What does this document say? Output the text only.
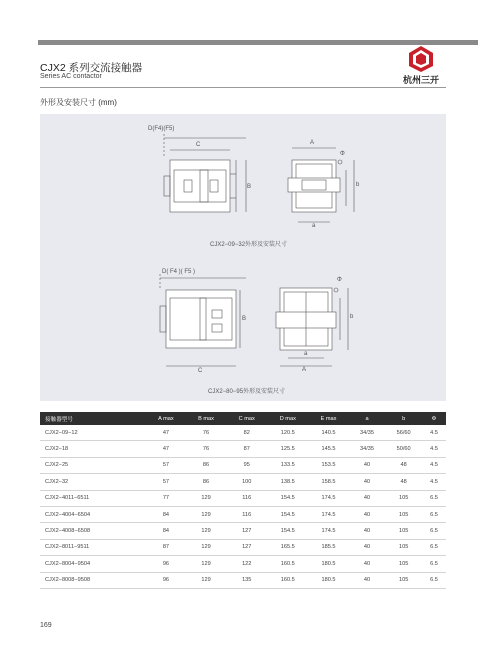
CJX2 系列交流接触器
Series AC contactor	杭州三开
外形及安装尺寸 (mm)
D(F4)(F5)
C
B
A
Φ
b
a
CJX2−09−32外形及安装尺寸
D( F4 )( F5 )
C
B
A
Φ
b
a
CJX2−80−95外形及安装尺寸
接触器型号	A max	B max	C max	D max	E max	a	b	Φ
CJX2−09−12	47	76	82	120.5	140.5	34/35	56/60	4.5
CJX2−18	47	76	87	125.5	145.5	34/35	50/60	4.5
CJX2−25	57	86	95	133.5	153.5	40	48	4.5
CJX2−32	57	86	100	138.5	158.5	40	48	4.5
CJX2−4011−6511	77	129	116	154.5	174.5	40	105	6.5
CJX2−4004−6504	84	129	116	154.5	174.5	40	105	6.5
CJX2−4008−6508	84	129	127	154.5	174.5	40	105	6.5
CJX2−8011−9511	87	129	127	165.5	185.5	40	105	6.5
CJX2−8004−9504	96	129	122	160.5	180.5	40	105	6.5
CJX2−8008−9508	96	129	135	160.5	180.5	40	105	6.5
169
